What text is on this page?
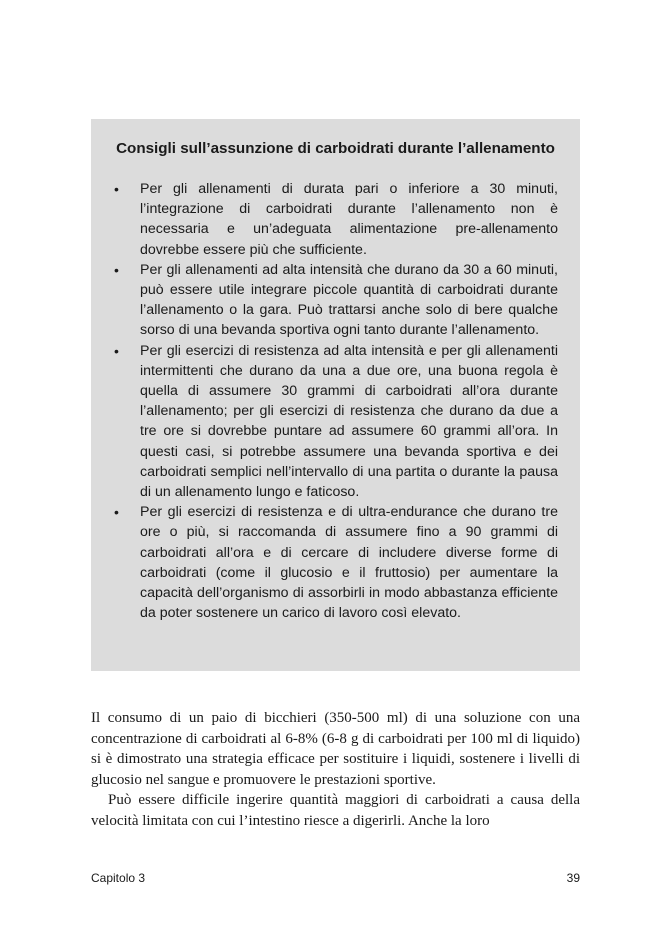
Consigli sull’assunzione di carboidrati durante l’allenamento
• Per gli allenamenti di durata pari o inferiore a 30 minuti, l’integrazione di carboidrati durante l’allenamento non è necessaria e un’adeguata alimentazione pre-allenamento dovrebbe essere più che sufficiente.
• Per gli allenamenti ad alta intensità che durano da 30 a 60 minuti, può essere utile integrare piccole quantità di carboidrati durante l’allenamento o la gara. Può trattarsi anche solo di bere qualche sorso di una bevanda sportiva ogni tanto durante l’allenamento.
• Per gli esercizi di resistenza ad alta intensità e per gli allenamenti intermittenti che durano da una a due ore, una buona regola è quella di assumere 30 grammi di carboidrati all’ora durante l’allenamento; per gli esercizi di resistenza che durano da due a tre ore si dovrebbe puntare ad assumere 60 grammi all’ora. In questi casi, si potrebbe assumere una bevanda sportiva e dei carboidrati semplici nell’intervallo di una partita o durante la pausa di un allenamento lungo e faticoso.
• Per gli esercizi di resistenza e di ultra-endurance che durano tre ore o più, si raccomanda di assumere fino a 90 grammi di carboidrati all’ora e di cercare di includere diverse forme di carboidrati (come il glucosio e il fruttosio) per aumentare la capacità dell’organismo di assorbirli in modo abbastanza efficiente da poter sostenere un carico di lavoro così elevato.

Il consumo di un paio di bicchieri (350-500 ml) di una soluzione con una concentrazione di carboidrati al 6-8% (6-8 g di carboidrati per 100 ml di liquido) si è dimostrato una strategia efficace per sostituire i liquidi, sostenere i livelli di glucosio nel sangue e promuovere le prestazioni sportive.

Può essere difficile ingerire quantità maggiori di carboidrati a causa della velocità limitata con cui l’intestino riesce a digerirli. Anche la loro

Capitolo 3	39
